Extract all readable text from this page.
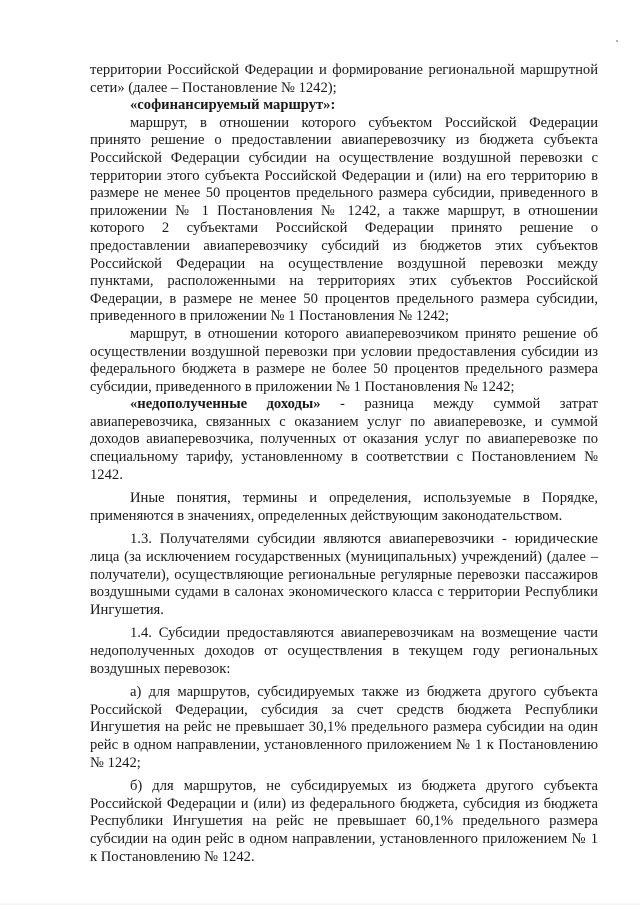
территории Российской Федерации и формирование региональной маршрутной сети» (далее – Постановление № 1242);

«софинансируемый маршрут»:

маршрут, в отношении которого субъектом Российской Федерации принято решение о предоставлении авиаперевозчику из бюджета субъекта Российской Федерации субсидии на осуществление воздушной перевозки с территории этого субъекта Российской Федерации и (или) на его территорию в размере не менее 50 процентов предельного размера субсидии, приведенного в приложении № 1 Постановления № 1242, а также маршрут, в отношении которого 2 субъектами Российской Федерации принято решение о предоставлении авиаперевозчику субсидий из бюджетов этих субъектов Российской Федерации на осуществление воздушной перевозки между пунктами, расположенными на территориях этих субъектов Российской Федерации, в размере не менее 50 процентов предельного размера субсидии, приведенного в приложении № 1 Постановления № 1242;

маршрут, в отношении которого авиаперевозчиком принято решение об осуществлении воздушной перевозки при условии предоставления субсидии из федерального бюджета в размере не более 50 процентов предельного размера субсидии, приведенного в приложении № 1 Постановления № 1242;

«недополученные доходы» - разница между суммой затрат авиаперевозчика, связанных с оказанием услуг по авиаперевозке, и суммой доходов авиаперевозчика, полученных от оказания услуг по авиаперевозке по специальному тарифу, установленному в соответствии с Постановлением № 1242.

Иные понятия, термины и определения, используемые в Порядке, применяются в значениях, определенных действующим законодательством.

1.3. Получателями субсидии являются авиаперевозчики - юридические лица (за исключением государственных (муниципальных) учреждений) (далее – получатели), осуществляющие региональные регулярные перевозки пассажиров воздушными судами в салонах экономического класса с территории Республики Ингушетия.

1.4. Субсидии предоставляются авиаперевозчикам на возмещение части недополученных доходов от осуществления в текущем году региональных воздушных перевозок:

а) для маршрутов, субсидируемых также из бюджета другого субъекта Российской Федерации, субсидия за счет средств бюджета Республики Ингушетия на рейс не превышает 30,1% предельного размера субсидии на один рейс в одном направлении, установленного приложением № 1 к Постановлению № 1242;

б) для маршрутов, не субсидируемых из бюджета другого субъекта Российской Федерации и (или) из федерального бюджета, субсидия из бюджета Республики Ингушетия на рейс не превышает 60,1% предельного размера субсидии на один рейс в одном направлении, установленного приложением № 1 к Постановлению № 1242.
